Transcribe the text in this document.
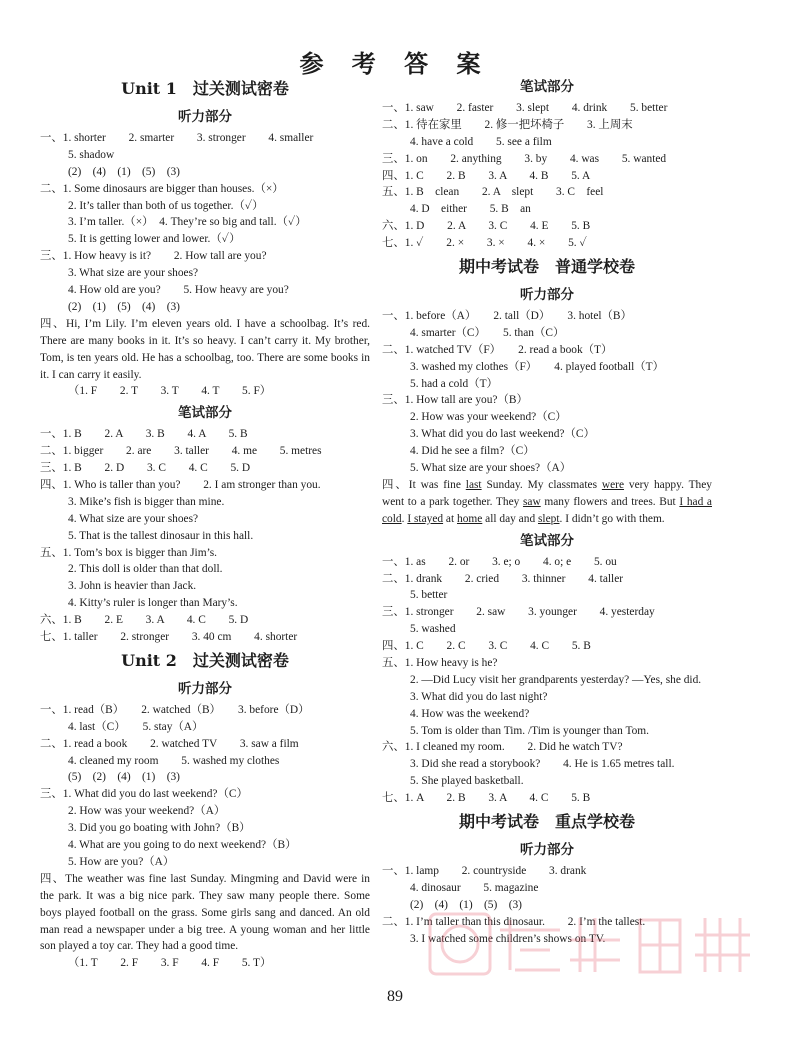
参 考 答 案
Unit 1　过关测试密卷
听力部分
一、1. shorter　　2. smarter　　3. stronger　　4. smaller
5. shadow
(2)　(4)　(1)　(5)　(3)
二、1. Some dinosaurs are bigger than houses.（×）
2. It’s taller than both of us together.（✓）
3. I’m taller.（×）　4. They’re so big and tall.（✓）
5. It is getting lower and lower.（✓）
三、1. How heavy is it?　　2. How tall are you?
3. What size are your shoes?
4. How old are you?　　5. How heavy are you?
(2)　(1)　(5)　(4)　(3)
四、Hi, I’m Lily. I’m eleven years old. I have a schoolbag. It’s red. There are many books in it. It’s so heavy. I can’t carry it. My brother, Tom, is ten years old. He has a schoolbag, too. There are some books in it. I can carry it easily.
（1. F　　2. T　　3. T　　4. T　　5. F）
笔试部分
一、1. B　　2. A　　3. B　　4. A　　5. B
二、1. bigger　　2. are　　3. taller　　4. me　　5. metres
三、1. B　　2. D　　3. C　　4. C　　5. D
四、1. Who is taller than you?　　2. I am stronger than you.
3. Mike’s fish is bigger than mine.
4. What size are your shoes?
5. That is the tallest dinosaur in this hall.
五、1. Tom’s box is bigger than Jim’s.
2. This doll is older than that doll.
3. John is heavier than Jack.
4. Kitty’s ruler is longer than Mary’s.
六、1. B　　2. E　　3. A　　4. C　　5. D
七、1. taller　　2. stronger　　3. 40 cm　　4. shorter
Unit 2　过关测试密卷
听力部分
一、1. read（B）　　2. watched（B）　　3. before（D）
4. last（C）　　5. stay（A）
二、1. read a book　　2. watched TV　　3. saw a film
4. cleaned my room　　5. washed my clothes
(5)　(2)　(4)　(1)　(3)
三、1. What did you do last weekend?（C）
2. How was your weekend?（A）
3. Did you go boating with John?（B）
4. What are you going to do next weekend?（B）
5. How are you?（A）
四、The weather was fine last Sunday. Mingming and David were in the park. It was a big nice park. They saw many people there. Some boys played football on the grass. Some girls sang and danced. An old man read a newspaper under a big tree. A young woman and her little son played a toy car. They had a good time.
（1. T　　2. F　　3. F　　4. F　　5. T）
笔试部分
一、1. saw　　2. faster　　3. slept　　4. drink　　5. better
二、1. 待在家里　　2. 修一把坏椅子　　3. 上周末
4. have a cold　　5. see a film
三、1. on　　2. anything　　3. by　　4. was　　5. wanted
四、1. C　　2. B　　3. A　　4. B　　5. A
五、1. B　clean　　2. A　slept　　3. C　feel
4. D　either　　5. B　an
六、1. D　　2. A　　3. C　　4. E　　5. B
七、1. ✓　　2. ×　　3. ×　　4. ×　　5. ✓
期中考试卷　普通学校卷
听力部分
一、1. before（A）　　2. tall（D）　　3. hotel（B）
4. smarter（C）　　5. than（C）
二、1. watched TV（F）　　2. read a book（T）
3. washed my clothes（F）　　4. played football（T）
5. had a cold（T）
三、1. How tall are you?（B）
2. How was your weekend?（C）
3. What did you do last weekend?（C）
4. Did he see a film?（C）
5. What size are your shoes?（A）
四、It was fine last Sunday. My classmates were very happy. They went to a park together. They saw many flowers and trees. But I had a cold. I stayed at home all day and slept. I didn’t go with them.
笔试部分
一、1. as　　2. or　　3. e; o　　4. o; e　　5. ou
二、1. drank　　2. cried　　3. thinner　　4. taller
5. better
三、1. stronger　　2. saw　　3. younger　　4. yesterday
5. washed
四、1. C　　2. C　　3. C　　4. C　　5. B
五、1. How heavy is he?
2. —Did Lucy visit her grandparents yesterday? —Yes, she did.
3. What did you do last night?
4. How was the weekend?
5. Tom is older than Tim. /Tim is younger than Tom.
六、1. I cleaned my room.　　2. Did he watch TV?
3. Did she read a storybook?　　4. He is 1.65 metres tall.
5. She played basketball.
七、1. A　　2. B　　3. A　　4. C　　5. B
期中考试卷　重点学校卷
听力部分
一、1. lamp　　2. countryside　　3. drank
4. dinosaur　　5. magazine
(2)　(4)　(1)　(5)　(3)
二、1. I’m taller than this dinosaur.　　2. I’m the tallest.
3. I watched some children’s shows on TV.
89
